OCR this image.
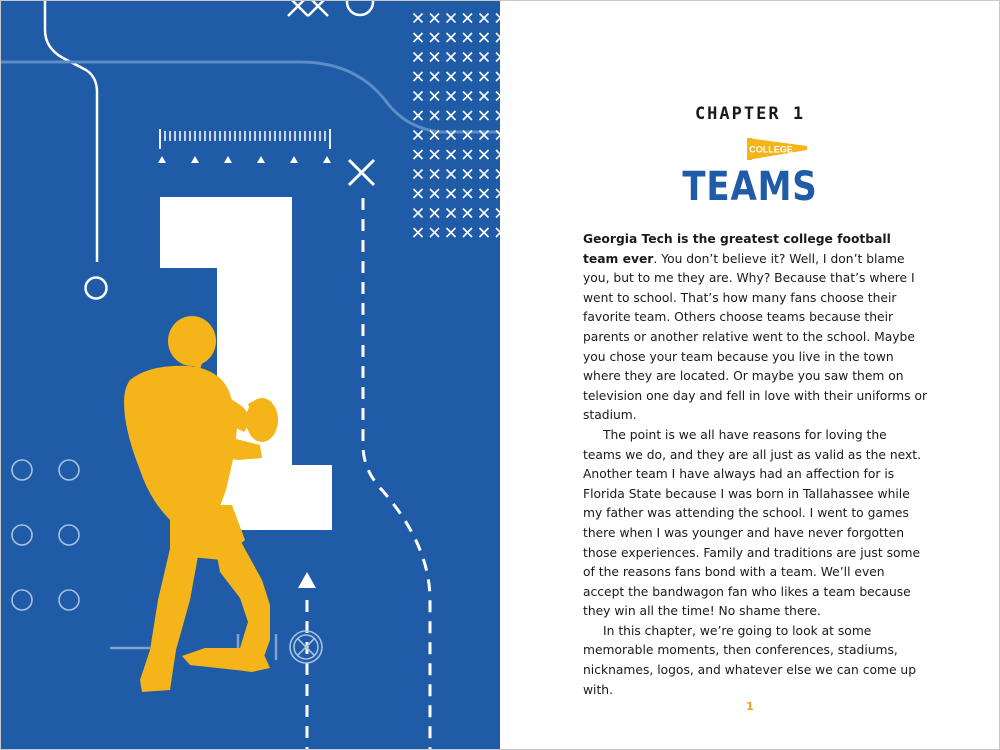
CHAPTER 1
COLLEGE
TEAMS

Georgia Tech is the greatest college football team ever. You don’t believe it? Well, I don’t blame you, but to me they are. Why? Because that’s where I went to school. That’s how many fans choose their favorite team. Others choose teams because their parents or another relative went to the school. Maybe you chose your team because you live in the town where they are located. Or maybe you saw them on television one day and fell in love with their uniforms or stadium.

The point is we all have reasons for loving the teams we do, and they are all just as valid as the next. Another team I have always had an affection for is Florida State because I was born in Tallahassee while my father was attending the school. I went to games there when I was younger and have never forgotten those experiences. Family and traditions are just some of the reasons fans bond with a team. We’ll even accept the bandwagon fan who likes a team because they win all the time! No shame there.

In this chapter, we’re going to look at some memorable moments, then conferences, stadiums, nicknames, logos, and whatever else we can come up with.

1
